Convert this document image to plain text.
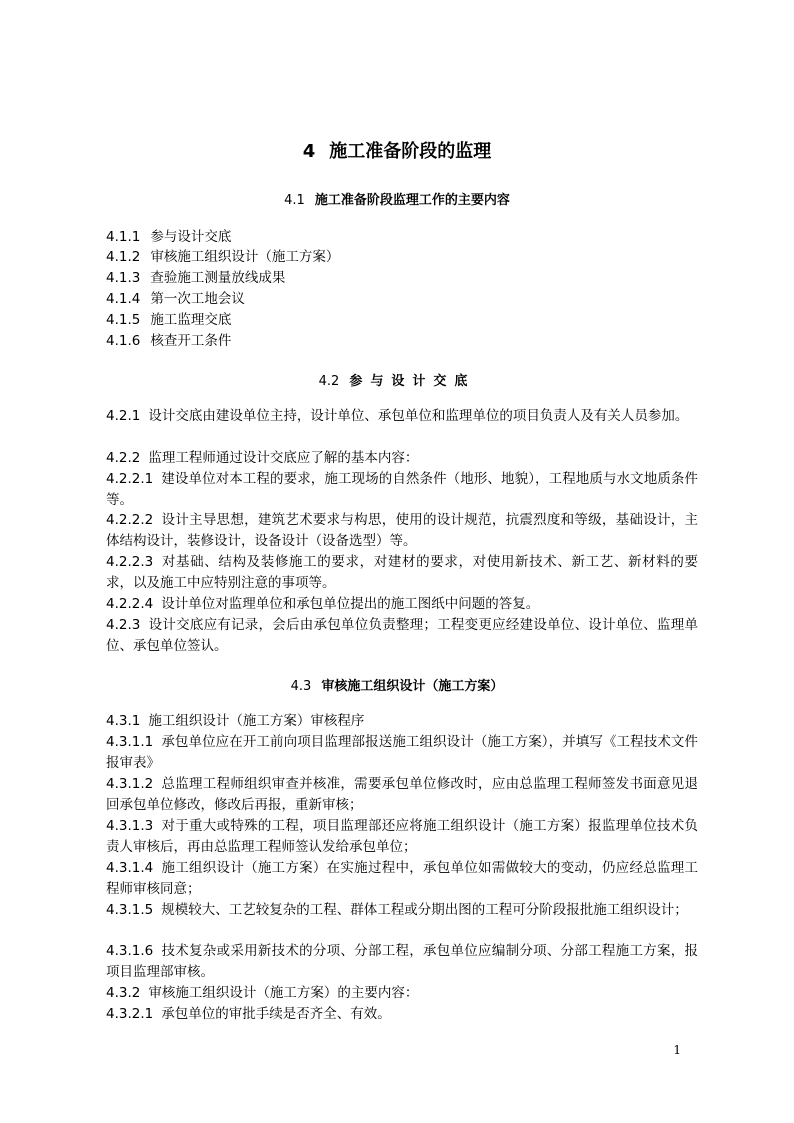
4 施工准备阶段的监理
4.1 施工准备阶段监理工作的主要内容
4.1.1 参与设计交底
4.1.2 审核施工组织设计（施工方案）
4.1.3 查验施工测量放线成果
4.1.4 第一次工地会议
4.1.5 施工监理交底
4.1.6 核查开工条件
4.2 参与设计交底
4.2.1 设计交底由建设单位主持，设计单位、承包单位和监理单位的项目负责人及有关人员参加。
4.2.2 监理工程师通过设计交底应了解的基本内容：
4.2.2.1 建设单位对本工程的要求，施工现场的自然条件（地形、地貌），工程地质与水文地质条件等。
4.2.2.2 设计主导思想，建筑艺术要求与构思，使用的设计规范，抗震烈度和等级，基础设计，主体结构设计，装修设计，设备设计（设备选型）等。
4.2.2.3 对基础、结构及装修施工的要求，对建材的要求，对使用新技术、新工艺、新材料的要求，以及施工中应特别注意的事项等。
4.2.2.4 设计单位对监理单位和承包单位提出的施工图纸中问题的答复。
4.2.3 设计交底应有记录，会后由承包单位负责整理；工程变更应经建设单位、设计单位、监理单位、承包单位签认。
4.3 审核施工组织设计（施工方案）
4.3.1 施工组织设计（施工方案）审核程序
4.3.1.1 承包单位应在开工前向项目监理部报送施工组织设计（施工方案），并填写《工程技术文件报审表》
4.3.1.2 总监理工程师组织审查并核准，需要承包单位修改时，应由总监理工程师签发书面意见退回承包单位修改，修改后再报，重新审核；
4.3.1.3 对于重大或特殊的工程，项目监理部还应将施工组织设计（施工方案）报监理单位技术负责人审核后，再由总监理工程师签认发给承包单位；
4.3.1.4 施工组织设计（施工方案）在实施过程中，承包单位如需做较大的变动，仍应经总监理工程师审核同意；
4.3.1.5 规模较大、工艺较复杂的工程、群体工程或分期出图的工程可分阶段报批施工组织设计；
4.3.1.6 技术复杂或采用新技术的分项、分部工程，承包单位应编制分项、分部工程施工方案，报项目监理部审核。
4.3.2 审核施工组织设计（施工方案）的主要内容：
4.3.2.1 承包单位的审批手续是否齐全、有效。
1
